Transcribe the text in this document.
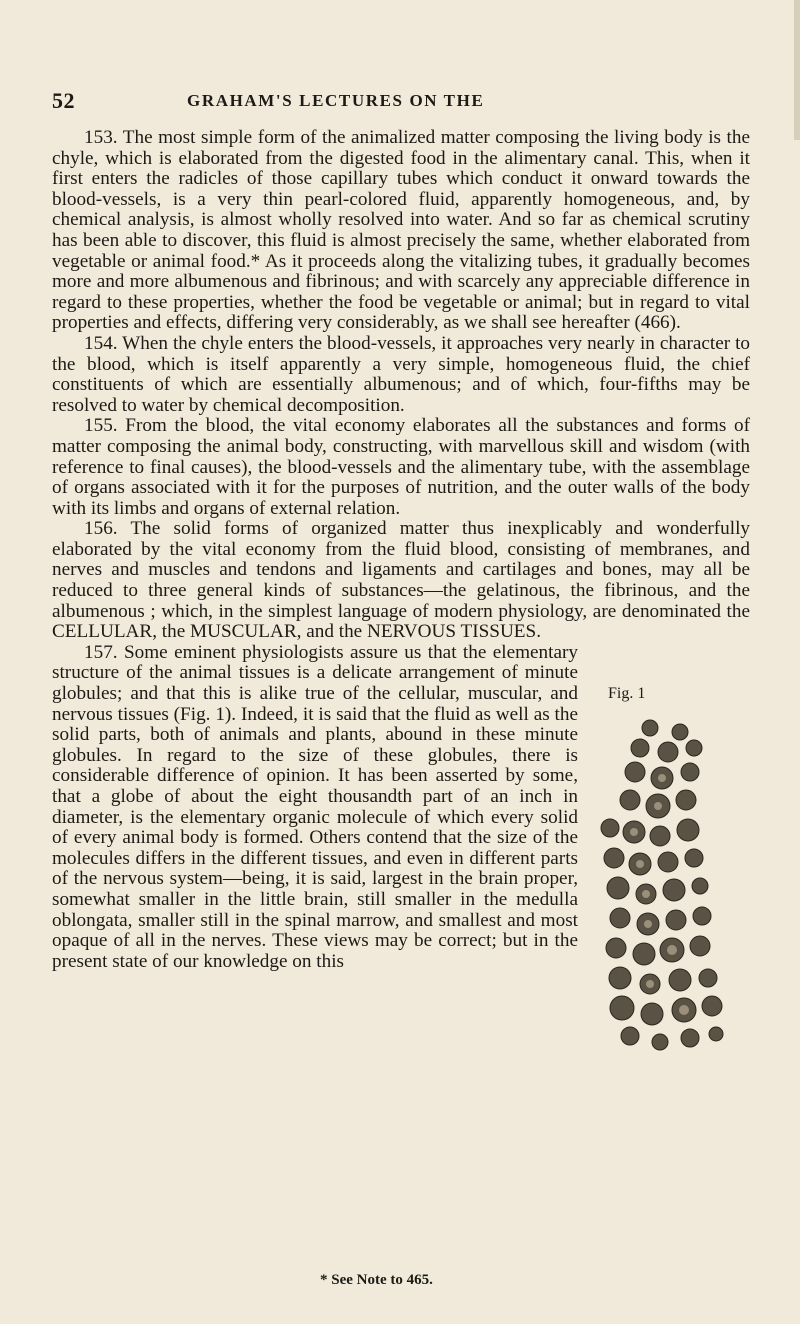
52	GRAHAM'S LECTURES ON THE

153. The most simple form of the animalized matter composing the living body is the chyle, which is elaborated from the digested food in the alimentary canal. This, when it first enters the radicles of those capillary tubes which conduct it onward towards the blood-vessels, is a very thin pearl-colored fluid, apparently homogeneous, and, by chemical analysis, is almost wholly resolved into water. And so far as chemical scrutiny has been able to discover, this fluid is almost precisely the same, whether elaborated from vegetable or animal food.* As it proceeds along the vitalizing tubes, it gradually becomes more and more albumenous and fibrinous; and with scarcely any appreciable difference in regard to these properties, whether the food be vegetable or animal; but in regard to vital properties and effects, differing very considerably, as we shall see hereafter (466).

154. When the chyle enters the blood-vessels, it approaches very nearly in character to the blood, which is itself apparently a very simple, homogeneous fluid, the chief constituents of which are essentially albumenous; and of which, four-fifths may be resolved to water by chemical decomposition.

155. From the blood, the vital economy elaborates all the substances and forms of matter composing the animal body, constructing, with marvellous skill and wisdom (with reference to final causes), the blood-vessels and the alimentary tube, with the assemblage of organs associated with it for the purposes of nutrition, and the outer walls of the body with its limbs and organs of external relation.

156. The solid forms of organized matter thus inexplicably and wonderfully elaborated by the vital economy from the fluid blood, consisting of membranes, and nerves and muscles and tendons and ligaments and cartilages and bones, may all be reduced to three general kinds of substances—the gelatinous, the fibrinous, and the albumenous ; which, in the simplest language of modern physiology, are denominated the CELLULAR, the MUSCULAR, and the NERVOUS TISSUES.

Fig. 1

157. Some eminent physiologists assure us that the elementary structure of the animal tissues is a delicate arrangement of minute globules; and that this is alike true of the cellular, muscular, and nervous tissues (Fig. 1). Indeed, it is said that the fluid as well as the solid parts, both of animals and plants, abound in these minute globules. In regard to the size of these globules, there is considerable difference of opinion. It has been asserted by some, that a globe of about the eight thousandth part of an inch in diameter, is the elementary organic molecule of which every solid of every animal body is formed. Others contend that the size of the molecules differs in the different tissues, and even in different parts of the nervous system—being, it is said, largest in the brain proper, somewhat smaller in the little brain, still smaller in the medulla oblongata, smaller still in the spinal marrow, and smallest and most opaque of all in the nerves. These views may be correct; but in the present state of our knowledge on this

* See Note to 465.
